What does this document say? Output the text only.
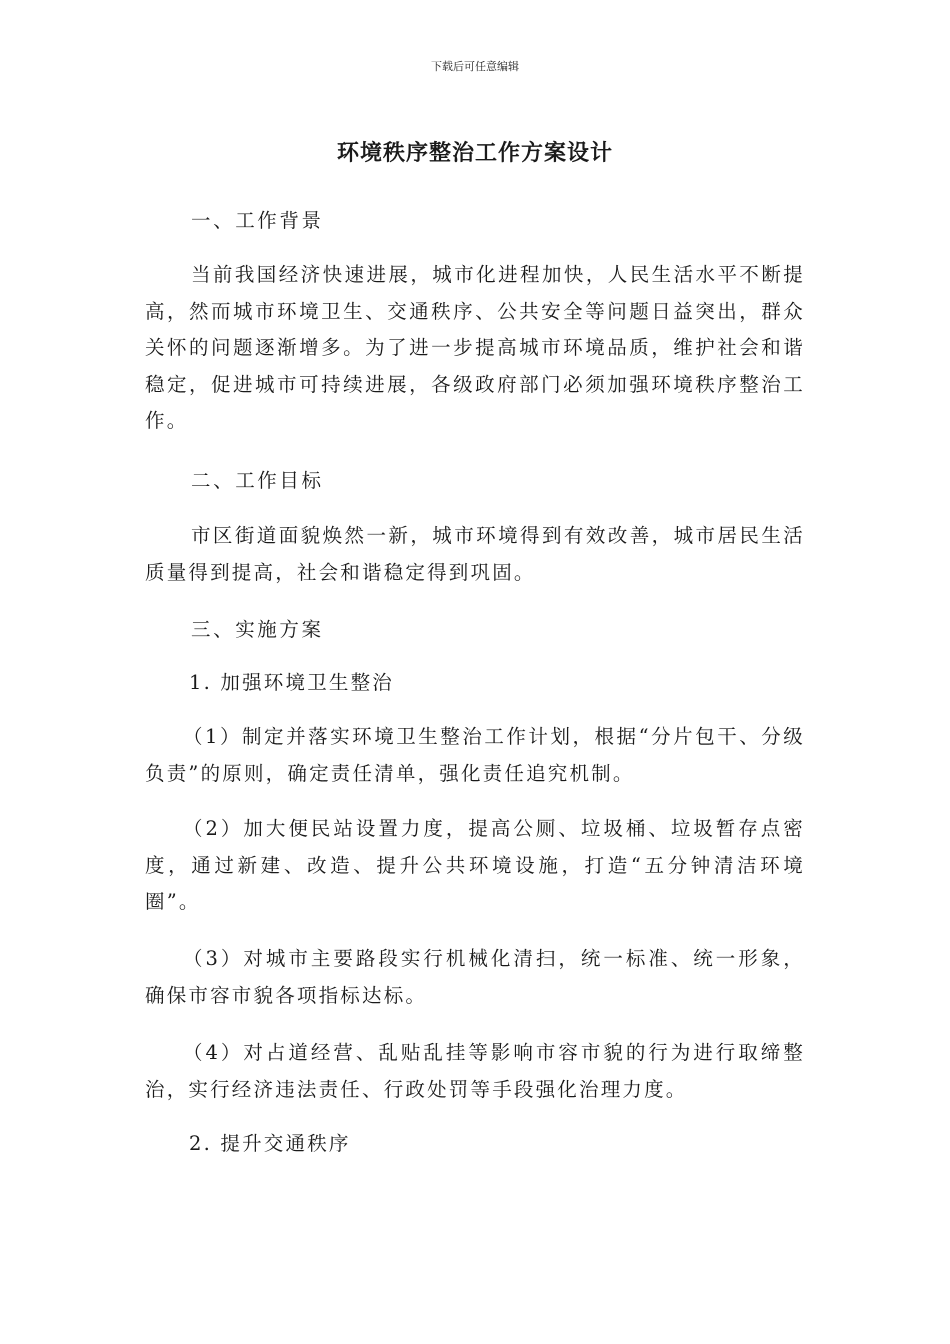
下载后可任意编辑
环境秩序整治工作方案设计
一、工作背景
当前我国经济快速进展，城市化进程加快，人民生活水平不断提高，然而城市环境卫生、交通秩序、公共安全等问题日益突出，群众关怀的问题逐渐增多。为了进一步提高城市环境品质，维护社会和谐稳定，促进城市可持续进展，各级政府部门必须加强环境秩序整治工作。
二、工作目标
市区街道面貌焕然一新，城市环境得到有效改善，城市居民生活质量得到提高，社会和谐稳定得到巩固。
三、实施方案
1. 加强环境卫生整治
（1）制定并落实环境卫生整治工作计划，根据“分片包干、分级负责”的原则，确定责任清单，强化责任追究机制。
（2）加大便民站设置力度，提高公厕、垃圾桶、垃圾暂存点密度，通过新建、改造、提升公共环境设施，打造“五分钟清洁环境圈”。
（3）对城市主要路段实行机械化清扫，统一标准、统一形象，确保市容市貌各项指标达标。
（4）对占道经营、乱贴乱挂等影响市容市貌的行为进行取缔整治，实行经济违法责任、行政处罚等手段强化治理力度。
2. 提升交通秩序
